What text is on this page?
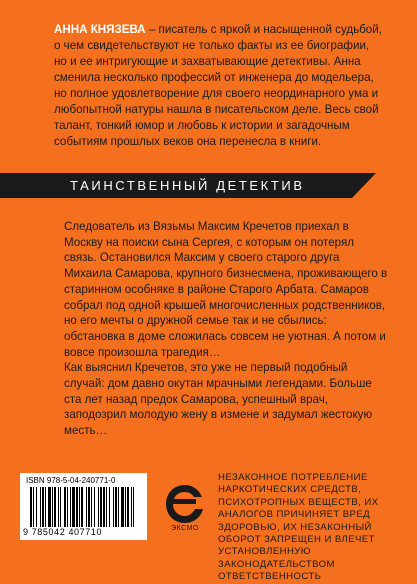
АННА КНЯЗЕВА – писатель с яркой и насыщенной судьбой, о чем свидетельствуют не только факты из ее биографии, но и ее интригующие и захватывающие детективы. Анна сменила несколько профессий от инженера до модельера, но полное удовлетворение для своего неординарного ума и любопытной натуры нашла в писательском деле. Весь свой талант, тонкий юмор и любовь к истории и загадочным событиям прошлых веков она перенесла в книги.
ТАИНСТВЕННЫЙ ДЕТЕКТИВ

Следователь из Вязьмы Максим Кречетов приехал в Москву на поиски сына Сергея, с которым он потерял связь. Остановился Максим у своего старого друга Михаила Самарова, крупного бизнесмена, проживающего в старинном особняке в районе Старого Арбата. Самаров собрал под одной крышей многочисленных родственников, но его мечты о дружной семье так и не сбылись: обстановка в доме сложилась совсем не уютная. А потом и вовсе произошла трагедия…

Как выяснил Кречетов, это уже не первый подобный случай: дом давно окутан мрачными легендами. Больше ста лет назад предок Самарова, успешный врач, заподозрил молодую жену в измене и задумал жестокую месть…

ISBN 978-5-04-240771-0
9 785042 407710	ЭКСМО
НЕЗАКОННОЕ ПОТРЕБЛЕНИЕ НАРКОТИЧЕСКИХ СРЕДСТВ, ПСИХОТРОПНЫХ ВЕЩЕСТВ, ИХ АНАЛОГОВ ПРИЧИНЯЕТ ВРЕД ЗДОРОВЬЮ, ИХ НЕЗАКОННЫЙ ОБОРОТ ЗАПРЕЩЕН И ВЛЕЧЕТ УСТАНОВЛЕННУЮ ЗАКОНОДАТЕЛЬСТВОМ ОТВЕТСТВЕННОСТЬ
